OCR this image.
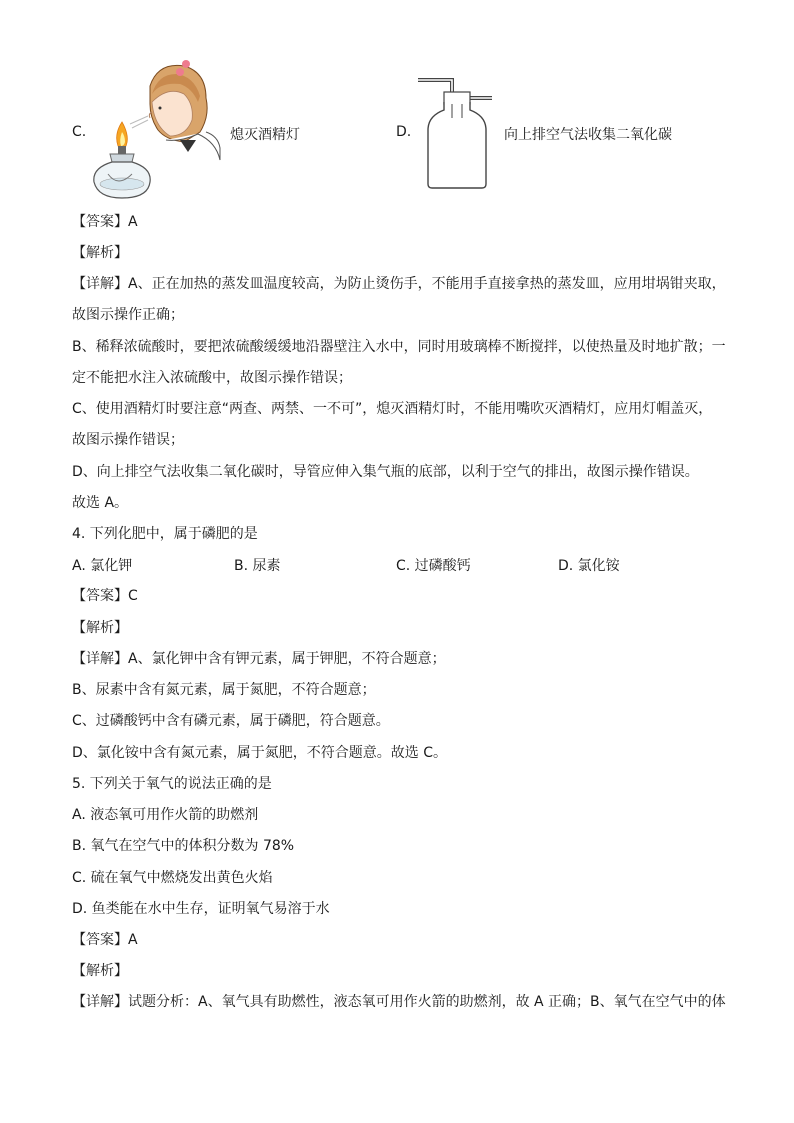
C.	熄灭酒精灯	D.	向上排空气法收集二氧化碳
【答案】A
【解析】
【详解】A、正在加热的蒸发皿温度较高，为防止烫伤手，不能用手直接拿热的蒸发皿，应用坩埚钳夹取，
故图示操作正确；
B、稀释浓硫酸时，要把浓硫酸缓缓地沿器壁注入水中，同时用玻璃棒不断搅拌，以使热量及时地扩散；一
定不能把水注入浓硫酸中，故图示操作错误；
C、使用酒精灯时要注意“两查、两禁、一不可”，熄灭酒精灯时，不能用嘴吹灭酒精灯，应用灯帽盖灭，
故图示操作错误；
D、向上排空气法收集二氧化碳时，导管应伸入集气瓶的底部，以利于空气的排出，故图示操作错误。
故选 A。
4. 下列化肥中，属于磷肥的是
A. 氯化钾	B. 尿素	C. 过磷酸钙	D. 氯化铵
【答案】C
【解析】
【详解】A、氯化钾中含有钾元素，属于钾肥，不符合题意；
B、尿素中含有氮元素，属于氮肥，不符合题意；
C、过磷酸钙中含有磷元素，属于磷肥，符合题意。
D、氯化铵中含有氮元素，属于氮肥，不符合题意。故选 C。
5. 下列关于氧气的说法正确的是
A. 液态氧可用作火箭的助燃剂
B. 氧气在空气中的体积分数为 78%
C. 硫在氧气中燃烧发出黄色火焰
D. 鱼类能在水中生存，证明氧气易溶于水
【答案】A
【解析】
【详解】试题分析：A、氧气具有助燃性，液态氧可用作火箭的助燃剂，故 A 正确；B、氧气在空气中的体
